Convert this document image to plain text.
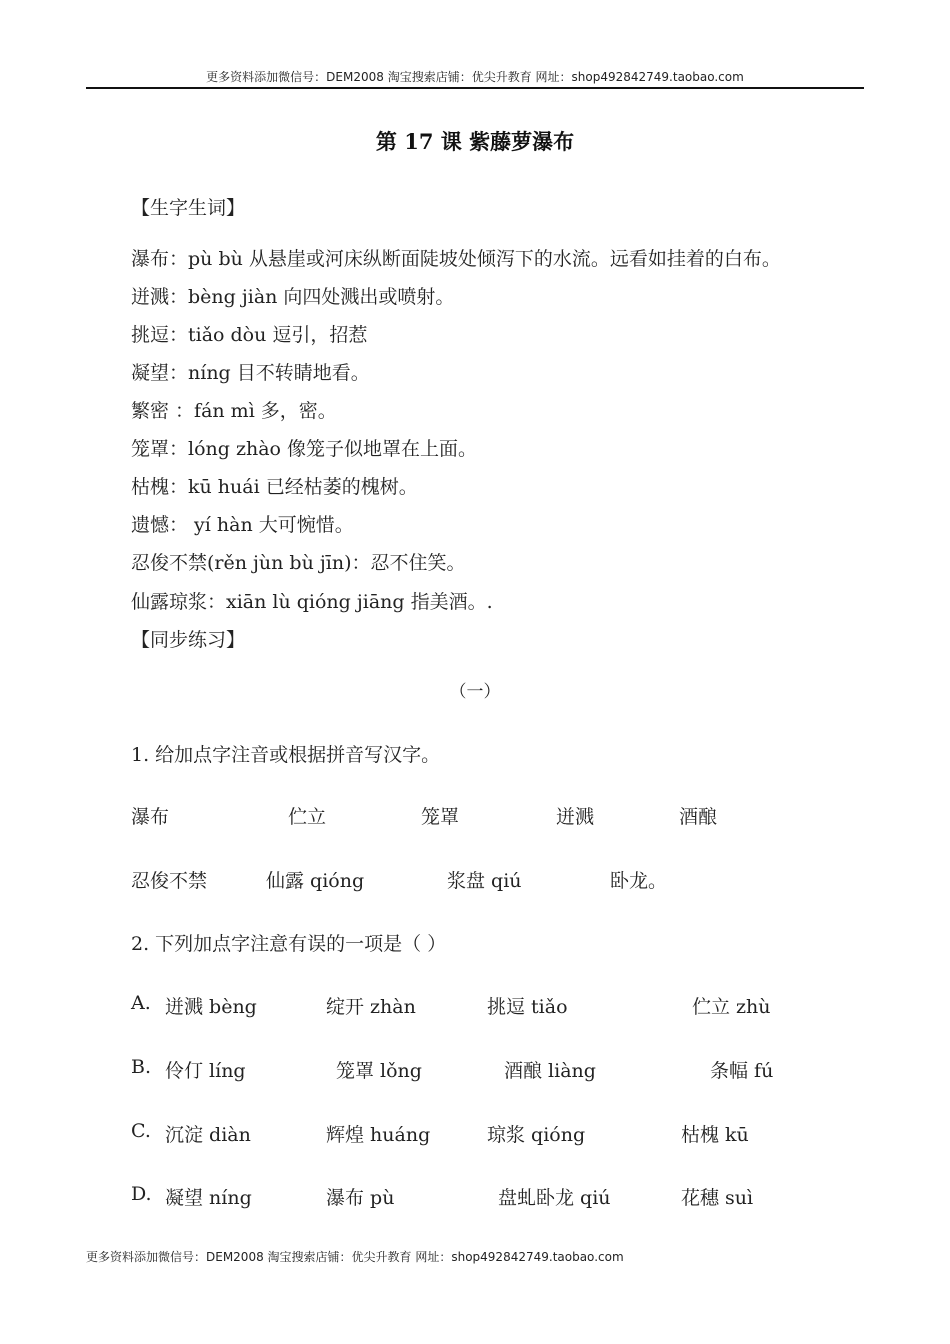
更多资料添加微信号：DEM2008 淘宝搜索店铺：优尖升教育 网址：shop492842749.taobao.com
第 17 课 紫藤萝瀑布
【生字生词】
瀑布：pù bù 从悬崖或河床纵断面陡坡处倾泻下的水流。远看如挂着的白布。
迸溅：bèng jiàn 向四处溅出或喷射。
挑逗：tiǎo dòu 逗引，招惹
凝望：níng 目不转睛地看。
繁密 ：fán mì 多，密。
笼罩：lóng zhào 像笼子似地罩在上面。
枯槐：kū huái 已经枯萎的槐树。
遗憾： yí hàn 大可惋惜。
忍俊不禁(rěn jùn bù jīn)：忍不住笑。
仙露琼浆：xiān lù qióng jiāng 指美酒。.
【同步练习】
（一）
1. 给加点字注音或根据拼音写汉字。
瀑布	伫立	笼罩	迸溅	酒酿
忍俊不禁	仙露 qióng	浆盘 qiú	卧龙。
2. 下列加点字注意有误的一项是（ ）
A. 迸溅 bèng	绽开 zhàn	挑逗 tiǎo	伫立 zhù
B. 伶仃 líng	笼罩 lǒng	酒酿 liàng	条幅 fú
C. 沉淀 diàn	辉煌 huáng	琼浆 qióng	枯槐 kū
D. 凝望 níng	瀑布 pù	盘虬卧龙 qiú	花穗 suì
更多资料添加微信号：DEM2008 淘宝搜索店铺：优尖升教育 网址：shop492842749.taobao.com
